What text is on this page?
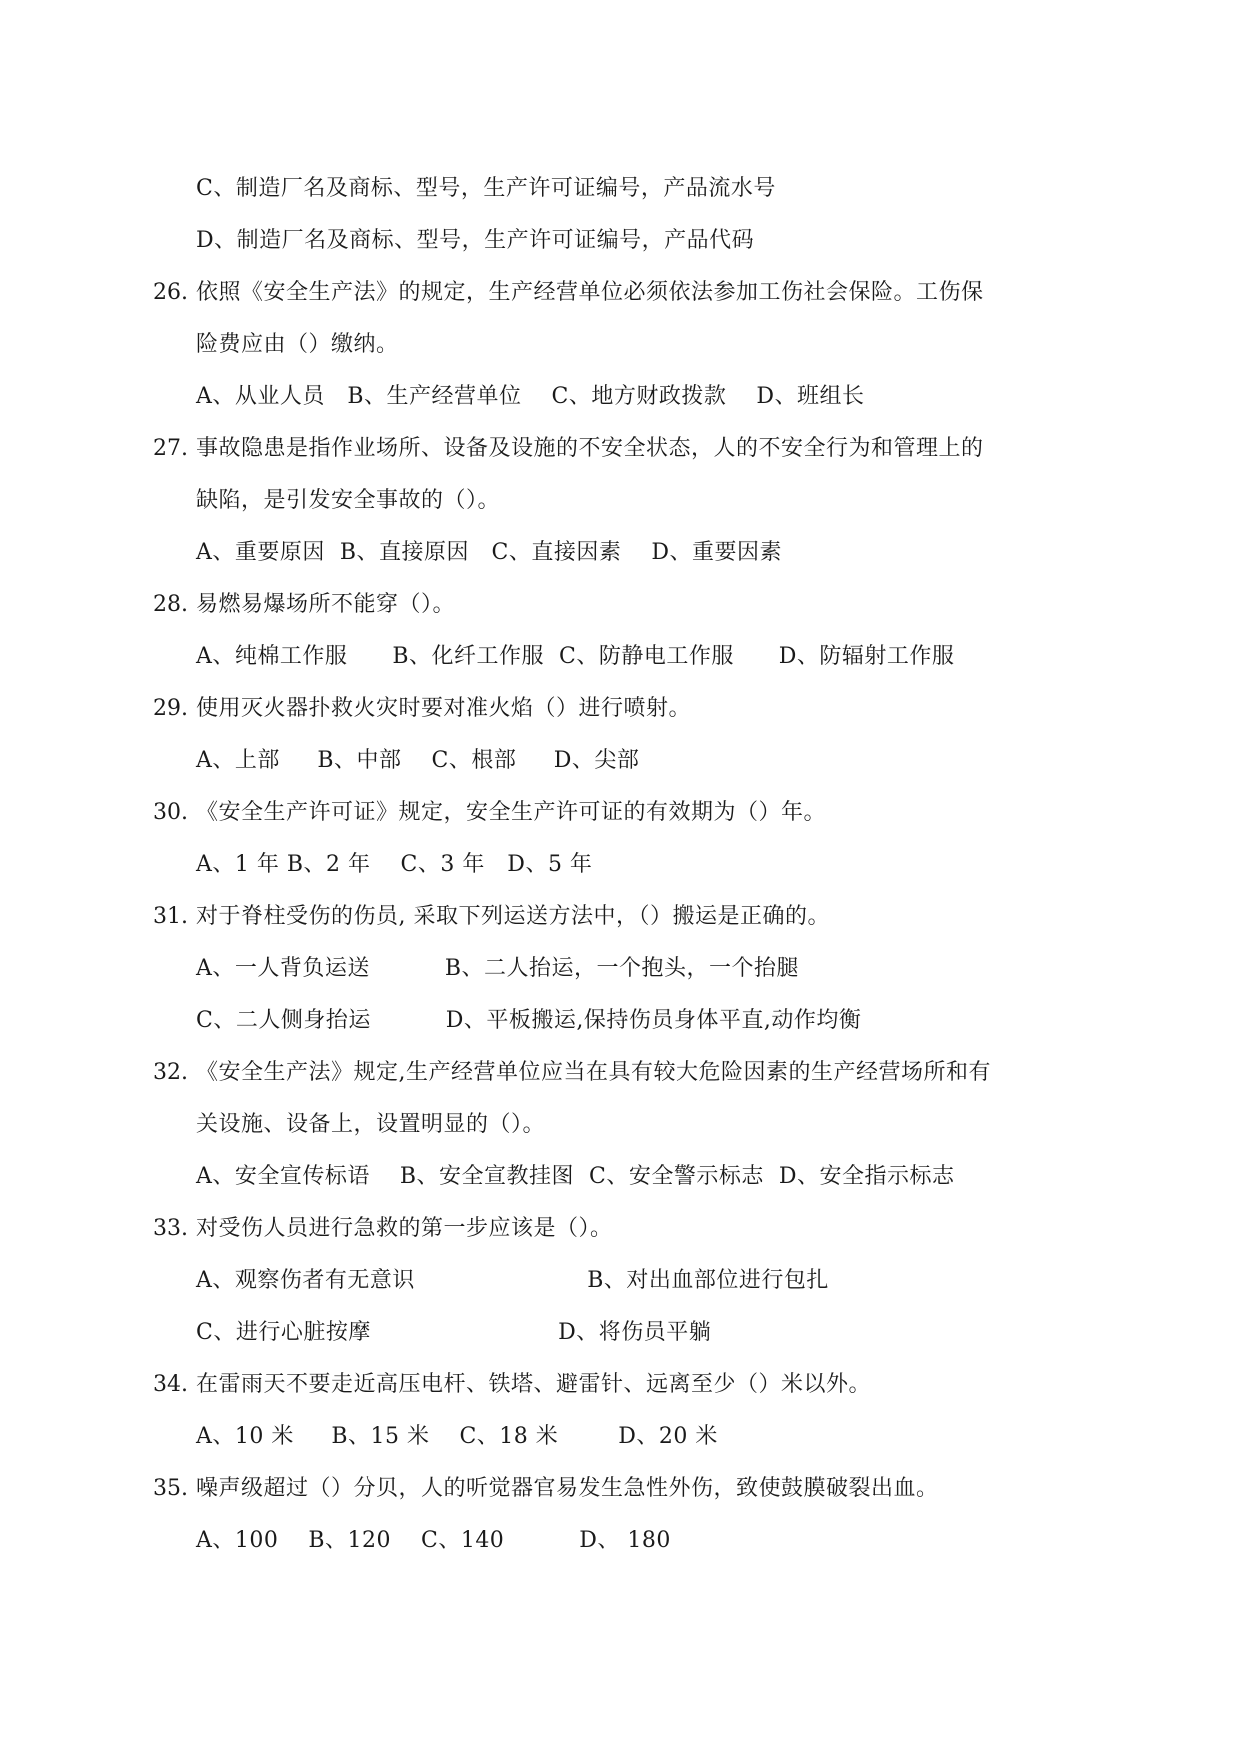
C、制造厂名及商标、型号，生产许可证编号，产品流水号
D、制造厂名及商标、型号，生产许可证编号，产品代码
26. 依照《安全生产法》的规定，生产经营单位必须依法参加工伤社会保险。工伤保
险费应由（）缴纳。
A、从业人员   B、生产经营单位    C、地方财政拨款    D、班组长
27. 事故隐患是指作业场所、设备及设施的不安全状态，人的不安全行为和管理上的
缺陷，是引发安全事故的（）。
A、重要原因  B、直接原因   C、直接因素    D、重要因素
28. 易燃易爆场所不能穿（）。
A、纯棉工作服      B、化纤工作服  C、防静电工作服      D、防辐射工作服
29. 使用灭火器扑救火灾时要对准火焰（）进行喷射。
A、上部     B、中部    C、根部     D、尖部
30. 《安全生产许可证》规定，安全生产许可证的有效期为（）年。
A、1 年 B、2 年    C、3 年   D、5 年
31. 对于脊柱受伤的伤员, 采取下列运送方法中，（）搬运是正确的。
A、一人背负运送          B、二人抬运，一个抱头，一个抬腿
C、二人侧身抬运          D、平板搬运,保持伤员身体平直,动作均衡
32. 《安全生产法》规定,生产经营单位应当在具有较大危险因素的生产经营场所和有
关设施、设备上，设置明显的（）。
A、安全宣传标语    B、安全宣教挂图  C、安全警示标志  D、安全指示标志
33. 对受伤人员进行急救的第一步应该是（）。
A、观察伤者有无意识                       B、对出血部位进行包扎
C、进行心脏按摩                         D、将伤员平躺
34. 在雷雨天不要走近高压电杆、铁塔、避雷针、远离至少（）米以外。
A、10 米     B、15 米    C、18 米        D、20 米
35. 噪声级超过（）分贝，人的听觉器官易发生急性外伤，致使鼓膜破裂出血。
A、100    B、120    C、140          D、 180
